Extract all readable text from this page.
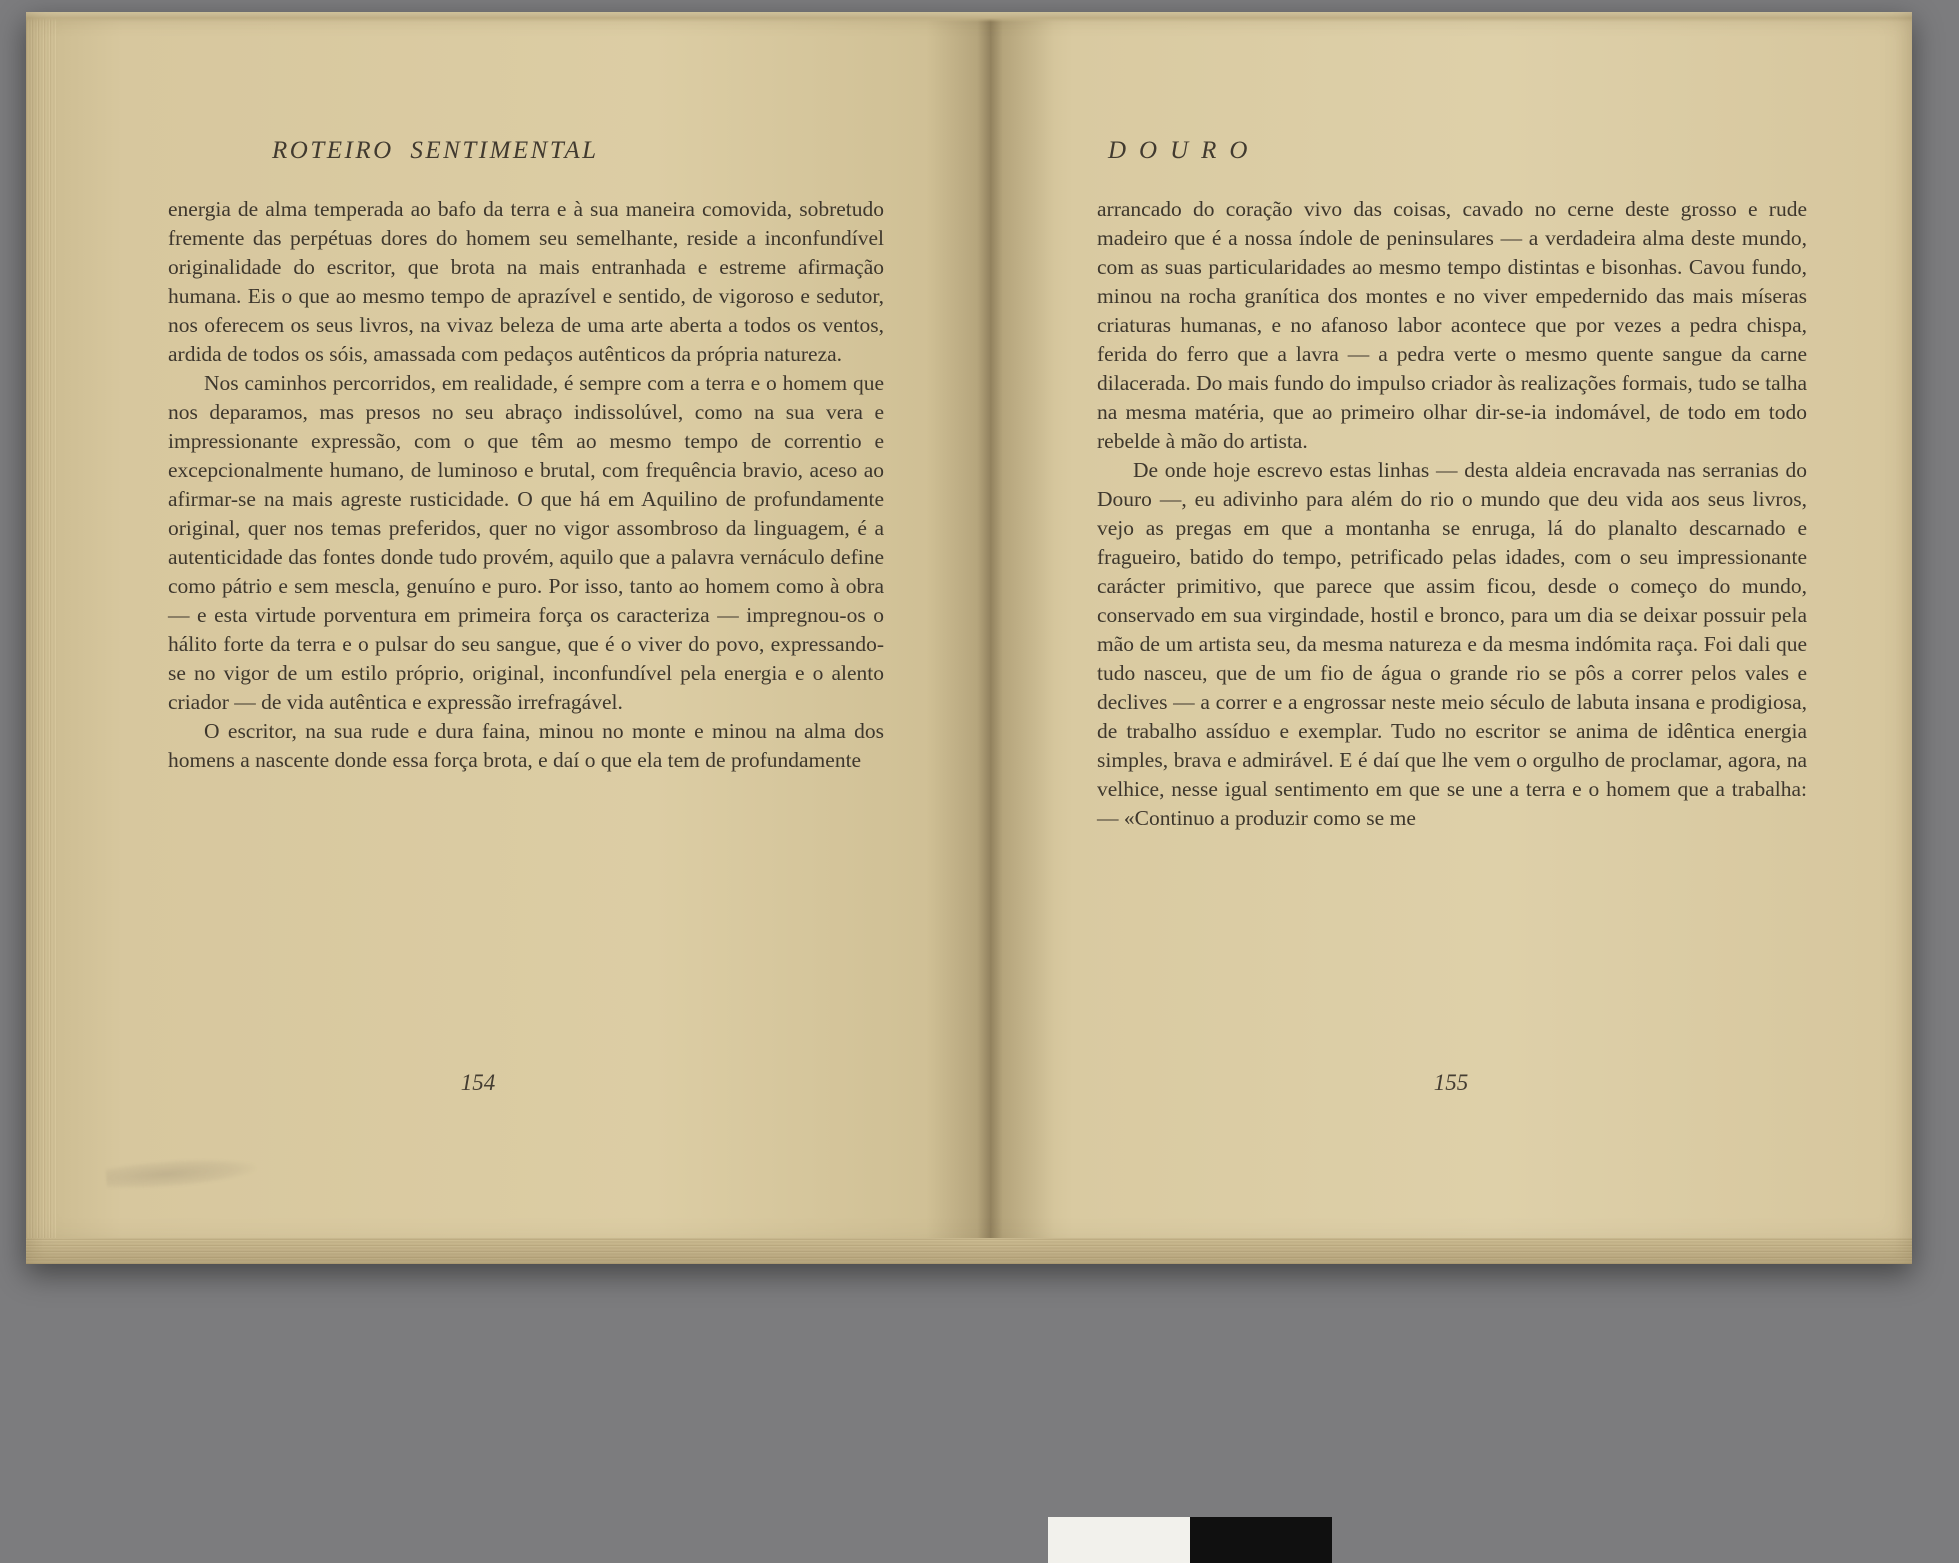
ROTEIRO SENTIMENTAL

energia de alma temperada ao bafo da terra e à sua maneira comovida, sobretudo fremente das perpétuas dores do homem seu semelhante, reside a inconfundível originalidade do escritor, que brota na mais entranhada e estreme afirmação humana. Eis o que ao mesmo tempo de aprazível e sentido, de vigoroso e sedutor, nos oferecem os seus livros, na vivaz beleza de uma arte aberta a todos os ventos, ardida de todos os sóis, amassada com pedaços autênticos da própria natureza.

Nos caminhos percorridos, em realidade, é sempre com a terra e o homem que nos deparamos, mas presos no seu abraço indissolúvel, como na sua vera e impressionante expressão, com o que têm ao mesmo tempo de correntio e excepcionalmente humano, de luminoso e brutal, com frequência bravio, aceso ao afirmar-se na mais agreste rusticidade. O que há em Aquilino de profundamente original, quer nos temas preferidos, quer no vigor assombroso da linguagem, é a autenticidade das fontes donde tudo provém, aquilo que a palavra vernáculo define como pátrio e sem mescla, genuíno e puro. Por isso, tanto ao homem como à obra — e esta virtude porventura em primeira força os caracteriza — impregnou-os o hálito forte da terra e o pulsar do seu sangue, que é o viver do povo, expressando-se no vigor de um estilo próprio, original, inconfundível pela energia e o alento criador — de vida autêntica e expressão irrefragável.

O escritor, na sua rude e dura faina, minou no monte e minou na alma dos homens a nascente donde essa força brota, e daí o que ela tem de profundamente

154
DOURO

arrancado do coração vivo das coisas, cavado no cerne deste grosso e rude madeiro que é a nossa índole de peninsulares — a verdadeira alma deste mundo, com as suas particularidades ao mesmo tempo distintas e bisonhas. Cavou fundo, minou na rocha granítica dos montes e no viver empedernido das mais míseras criaturas humanas, e no afanoso labor acontece que por vezes a pedra chispa, ferida do ferro que a lavra — a pedra verte o mesmo quente sangue da carne dilacerada. Do mais fundo do impulso criador às realizações formais, tudo se talha na mesma matéria, que ao primeiro olhar dir-se-ia indomável, de todo em todo rebelde à mão do artista.

De onde hoje escrevo estas linhas — desta aldeia encravada nas serranias do Douro —, eu adivinho para além do rio o mundo que deu vida aos seus livros, vejo as pregas em que a montanha se enruga, lá do planalto descarnado e fragueiro, batido do tempo, petrificado pelas idades, com o seu impressionante carácter primitivo, que parece que assim ficou, desde o começo do mundo, conservado em sua virgindade, hostil e bronco, para um dia se deixar possuir pela mão de um artista seu, da mesma natureza e da mesma indómita raça. Foi dali que tudo nasceu, que de um fio de água o grande rio se pôs a correr pelos vales e declives — a correr e a engrossar neste meio século de labuta insana e prodigiosa, de trabalho assíduo e exemplar. Tudo no escritor se anima de idêntica energia simples, brava e admirável. E é daí que lhe vem o orgulho de proclamar, agora, na velhice, nesse igual sentimento em que se une a terra e o homem que a trabalha: — «Continuo a produzir como se me

155
